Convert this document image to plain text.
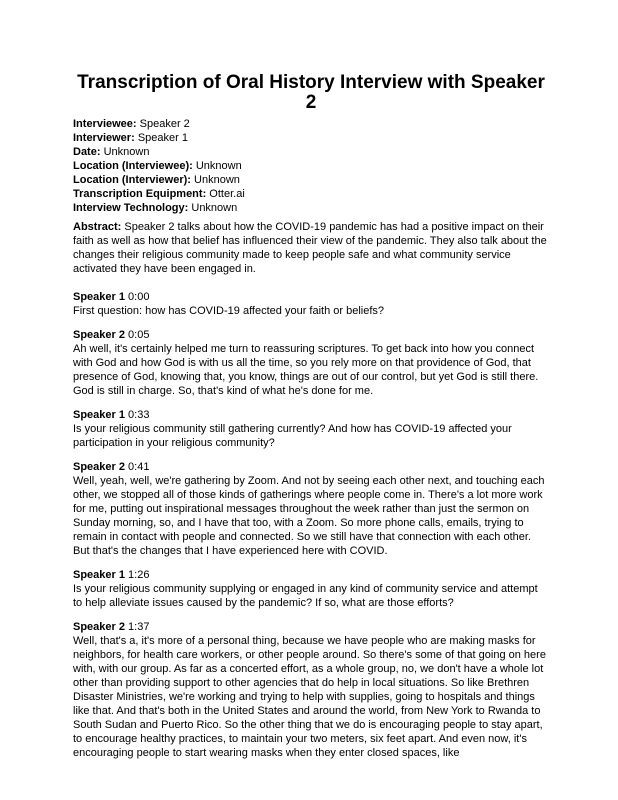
Transcription of Oral History Interview with Speaker 2
Interviewee: Speaker 2
Interviewer: Speaker 1
Date: Unknown
Location (Interviewee): Unknown
Location (Interviewer): Unknown
Transcription Equipment: Otter.ai
Interview Technology: Unknown

Abstract: Speaker 2 talks about how the COVID-19 pandemic has had a positive impact on their faith as well as how that belief has influenced their view of the pandemic. They also talk about the changes their religious community made to keep people safe and what community service activated they have been engaged in.

Speaker 1 0:00
First question: how has COVID-19 affected your faith or beliefs?
Speaker 2 0:05
Ah well, it's certainly helped me turn to reassuring scriptures. To get back into how you connect with God and how God is with us all the time, so you rely more on that providence of God, that presence of God, knowing that, you know, things are out of our control, but yet God is still there. God is still in charge. So, that's kind of what he's done for me.
Speaker 1 0:33
Is your religious community still gathering currently? And how has COVID-19 affected your participation in your religious community?
Speaker 2 0:41
Well, yeah, well, we're gathering by Zoom. And not by seeing each other next, and touching each other, we stopped all of those kinds of gatherings where people come in. There's a lot more work for me, putting out inspirational messages throughout the week rather than just the sermon on Sunday morning, so, and I have that too, with a Zoom. So more phone calls, emails, trying to remain in contact with people and connected. So we still have that connection with each other. But that's the changes that I have experienced here with COVID.
Speaker 1 1:26
Is your religious community supplying or engaged in any kind of community service and attempt to help alleviate issues caused by the pandemic? If so, what are those efforts?
Speaker 2 1:37
Well, that's a, it's more of a personal thing, because we have people who are making masks for neighbors, for health care workers, or other people around. So there's some of that going on here with, with our group. As far as a concerted effort, as a whole group, no, we don't have a whole lot other than providing support to other agencies that do help in local situations. So like Brethren Disaster Ministries, we're working and trying to help with supplies, going to hospitals and things like that. And that's both in the United States and around the world, from New York to Rwanda to South Sudan and Puerto Rico. So the other thing that we do is encouraging people to stay apart, to encourage healthy practices, to maintain your two meters, six feet apart. And even now, it's encouraging people to start wearing masks when they enter closed spaces, like
